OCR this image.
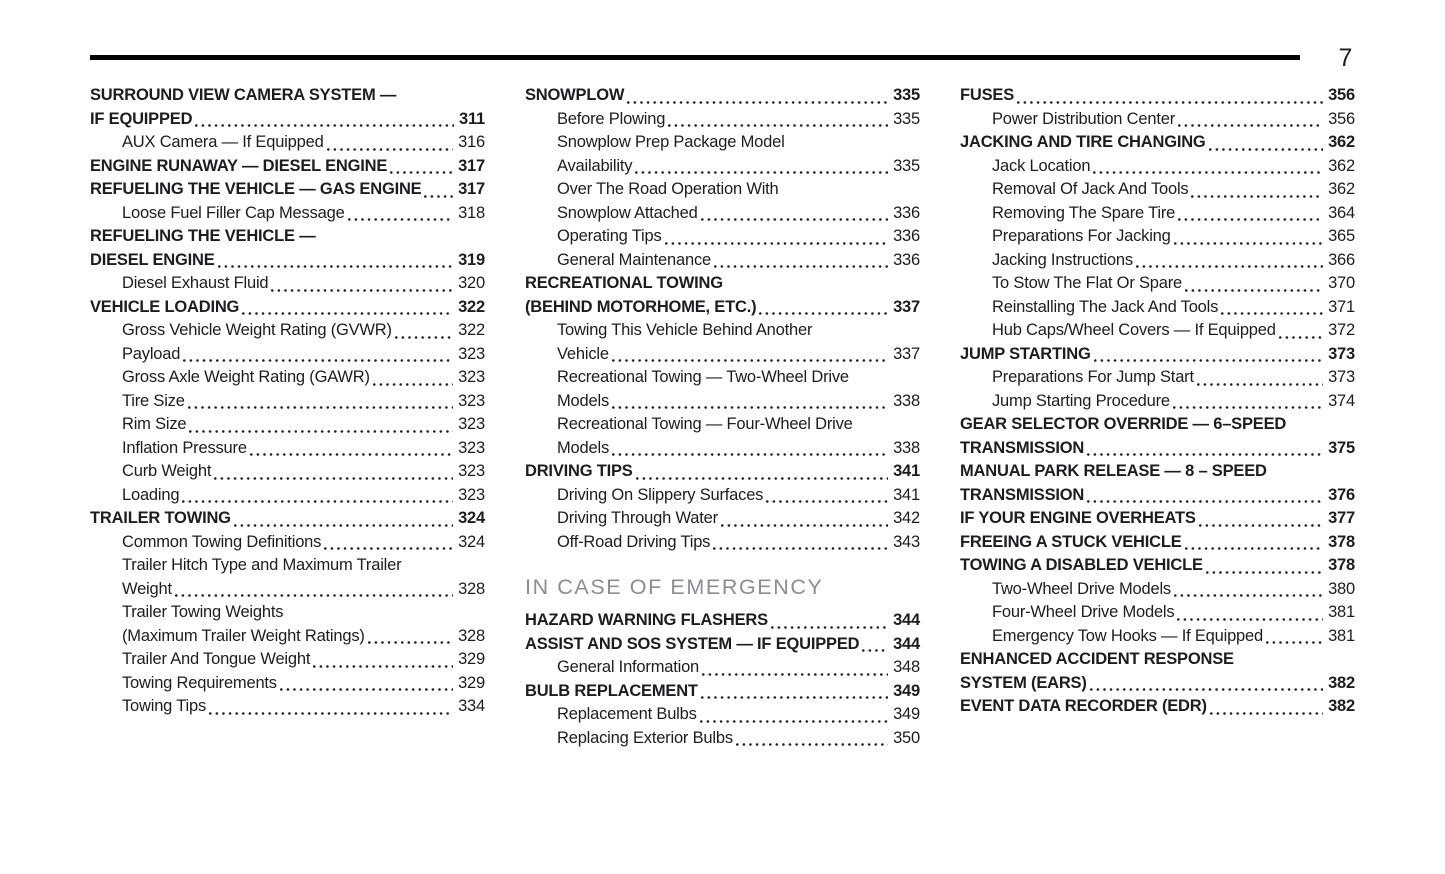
7
SURROUND VIEW CAMERA SYSTEM —
IF EQUIPPED	311
AUX Camera — If Equipped	316
ENGINE RUNAWAY — DIESEL ENGINE	317
REFUELING THE VEHICLE — GAS ENGINE 317
Loose Fuel Filler Cap Message	318
REFUELING THE VEHICLE —
DIESEL ENGINE	319
Diesel Exhaust Fluid	320
VEHICLE LOADING	322
Gross Vehicle Weight Rating (GVWR)	322
Payload	323
Gross Axle Weight Rating (GAWR)	323
Tire Size	323
Rim Size	323
Inflation Pressure	323
Curb Weight	323
Loading	323
TRAILER TOWING	324
Common Towing Definitions	324
Trailer Hitch Type and Maximum Trailer
Weight	328
Trailer Towing Weights
(Maximum Trailer Weight Ratings)	328
Trailer And Tongue Weight	329
Towing Requirements	329
Towing Tips	334
SNOWPLOW	335
Before Plowing	335
Snowplow Prep Package Model
Availability	335
Over The Road Operation With
Snowplow Attached	336
Operating Tips	336
General Maintenance	336
RECREATIONAL TOWING
(BEHIND MOTORHOME, ETC.)	337
Towing This Vehicle Behind Another
Vehicle	337
Recreational Towing — Two-Wheel Drive
Models	338
Recreational Towing — Four-Wheel Drive
Models	338
DRIVING TIPS	341
Driving On Slippery Surfaces	341
Driving Through Water	342
Off-Road Driving Tips	343
IN CASE OF EMERGENCY
HAZARD WARNING FLASHERS	344
ASSIST AND SOS SYSTEM — IF EQUIPPED 344
General Information	348
BULB REPLACEMENT	349
Replacement Bulbs	349
Replacing Exterior Bulbs	350
FUSES	356
Power Distribution Center	356
JACKING AND TIRE CHANGING	362
Jack Location	362
Removal Of Jack And Tools	362
Removing The Spare Tire	364
Preparations For Jacking	365
Jacking Instructions	366
To Stow The Flat Or Spare	370
Reinstalling The Jack And Tools	371
Hub Caps/Wheel Covers — If Equipped	372
JUMP STARTING	373
Preparations For Jump Start	373
Jump Starting Procedure	374
GEAR SELECTOR OVERRIDE — 6–SPEED
TRANSMISSION	375
MANUAL PARK RELEASE — 8 – SPEED
TRANSMISSION	376
IF YOUR ENGINE OVERHEATS	377
FREEING A STUCK VEHICLE	378
TOWING A DISABLED VEHICLE	378
Two-Wheel Drive Models	380
Four-Wheel Drive Models	381
Emergency Tow Hooks — If Equipped	381
ENHANCED ACCIDENT RESPONSE
SYSTEM (EARS)	382
EVENT DATA RECORDER (EDR)	382
